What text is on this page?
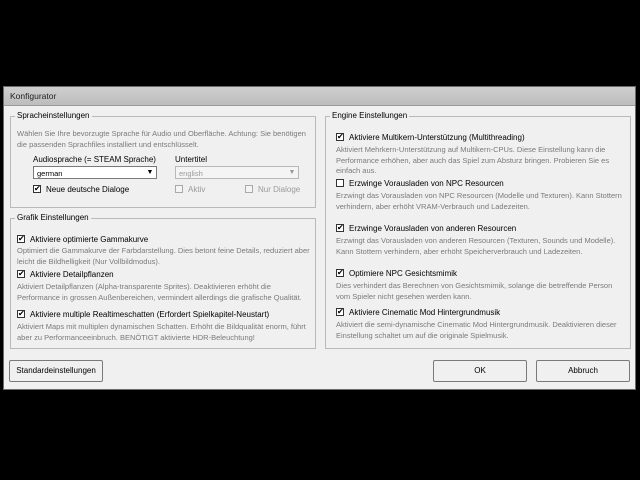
Konfigurator
Spracheinstellungen
Wählen Sie Ihre bevorzugte Sprache für Audio und Oberfläche. Achtung: Sie benötigen die passenden Sprachfiles installiert und entschlüsselt.
Audiosprache (= STEAM Sprache) Untertitel
german	▼	english	▼
✔ Neue deutsche Dialoge	Aktiv	Nur Dialoge
Grafik Einstellungen
✔ Aktiviere optimierte Gammakurve
Optimiert die Gammakurve der Farbdarstellung. Dies betont feine Details, reduziert aber leicht die Bildhelligkeit (Nur Vollbildmodus).
✔ Aktiviere Detailpflanzen
Aktiviert Detailpflanzen (Alpha-transparente Sprites). Deaktivieren erhöht die Performance in grossen Außenbereichen, vermindert allerdings die grafische Qualität.
✔ Aktiviere multiple Realtimeschatten (Erfordert Spielkapitel-Neustart)
Aktiviert Maps mit multiplen dynamischen Schatten. Erhöht die Bildqualität enorm, führt aber zu Performanceeinbruch. BENÖTIGT aktivierte HDR-Beleuchtung!
Engine Einstellungen
✔ Aktiviere Multikern-Unterstützung (Multithreading)
Aktiviert Mehrkern-Unterstützung auf Multikern-CPUs. Diese Einstellung kann die Performance erhöhen, aber auch das Spiel zum Absturz bringen. Probieren Sie es einfach aus.
Erzwinge Vorausladen von NPC Resourcen
Erzwingt das Vorausladen von NPC Resourcen (Modelle und Texturen). Kann Stottern verhindern, aber erhöht VRAM-Verbrauch und Ladezeiten.
✔ Erzwinge Vorausladen von anderen Resourcen
Erzwingt das Vorausladen von anderen Resourcen (Texturen, Sounds und Modelle). Kann Stottern verhindern, aber erhöht Speicherverbrauch und Ladezeiten.
✔ Optimiere NPC Gesichtsmimik
Dies verhindert das Berechnen von Gesichtsmimik, solange die betreffende Person vom Spieler nicht gesehen werden kann.
✔ Aktiviere Cinematic Mod Hintergrundmusik
Aktiviert die semi-dynamische Cinematic Mod Hintergrundmusik. Deaktivieren dieser Einstellung schaltet um auf die originale Spielmusik.
Standardeinstellungen	OK	Abbruch
